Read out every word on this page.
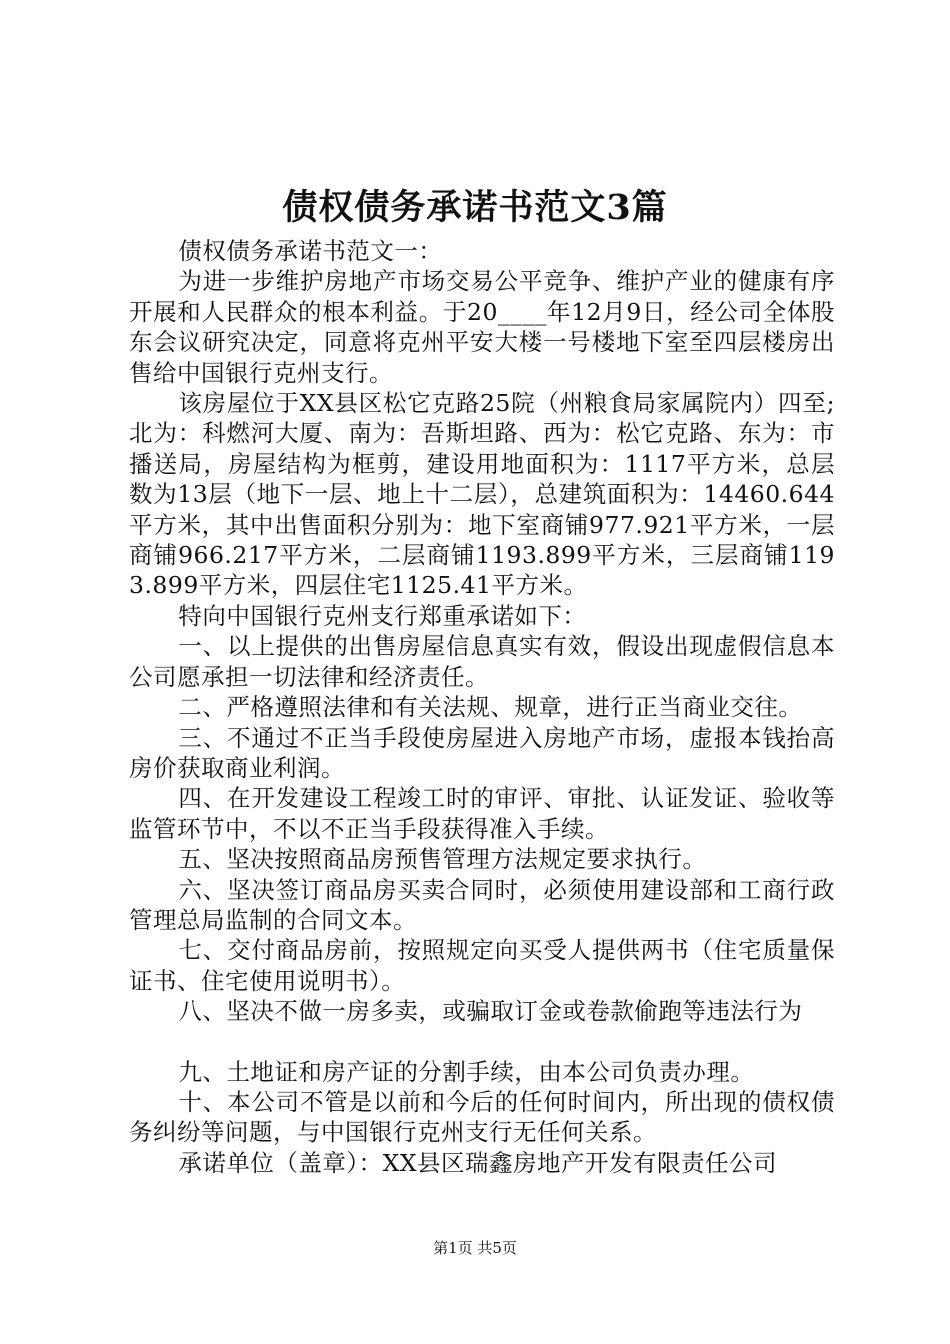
债权债务承诺书范文3篇

债权债务承诺书范文一：

为进一步维护房地产市场交易公平竞争、维护产业的健康有序开展和人民群众的根本利益。于20____年12月9日，经公司全体股东会议研究决定，同意将克州平安大楼一号楼地下室至四层楼房出售给中国银行克州支行。

该房屋位于XX县区松它克路25院（州粮食局家属院内）四至;北为：科燃河大厦、南为：吾斯坦路、西为：松它克路、东为：市播送局，房屋结构为框剪，建设用地面积为：1117平方米，总层数为13层（地下一层、地上十二层），总建筑面积为：14460.644平方米，其中出售面积分别为：地下室商铺977.921平方米，一层商铺966.217平方米，二层商铺1193.899平方米，三层商铺1193.899平方米，四层住宅1125.41平方米。

特向中国银行克州支行郑重承诺如下：

一、以上提供的出售房屋信息真实有效，假设出现虚假信息本公司愿承担一切法律和经济责任。

二、严格遵照法律和有关法规、规章，进行正当商业交往。

三、不通过不正当手段使房屋进入房地产市场，虚报本钱抬高房价获取商业利润。

四、在开发建设工程竣工时的审评、审批、认证发证、验收等监管环节中，不以不正当手段获得准入手续。

五、坚决按照商品房预售管理方法规定要求执行。

六、坚决签订商品房买卖合同时，必须使用建设部和工商行政管理总局监制的合同文本。

七、交付商品房前，按照规定向买受人提供两书（住宅质量保证书、住宅使用说明书）。

八、坚决不做一房多卖，或骗取订金或卷款偷跑等违法行为

九、土地证和房产证的分割手续，由本公司负责办理。

十、本公司不管是以前和今后的任何时间内，所出现的债权债务纠纷等问题，与中国银行克州支行无任何关系。

承诺单位（盖章）：XX县区瑞鑫房地产开发有限责任公司

第1页 共5页
